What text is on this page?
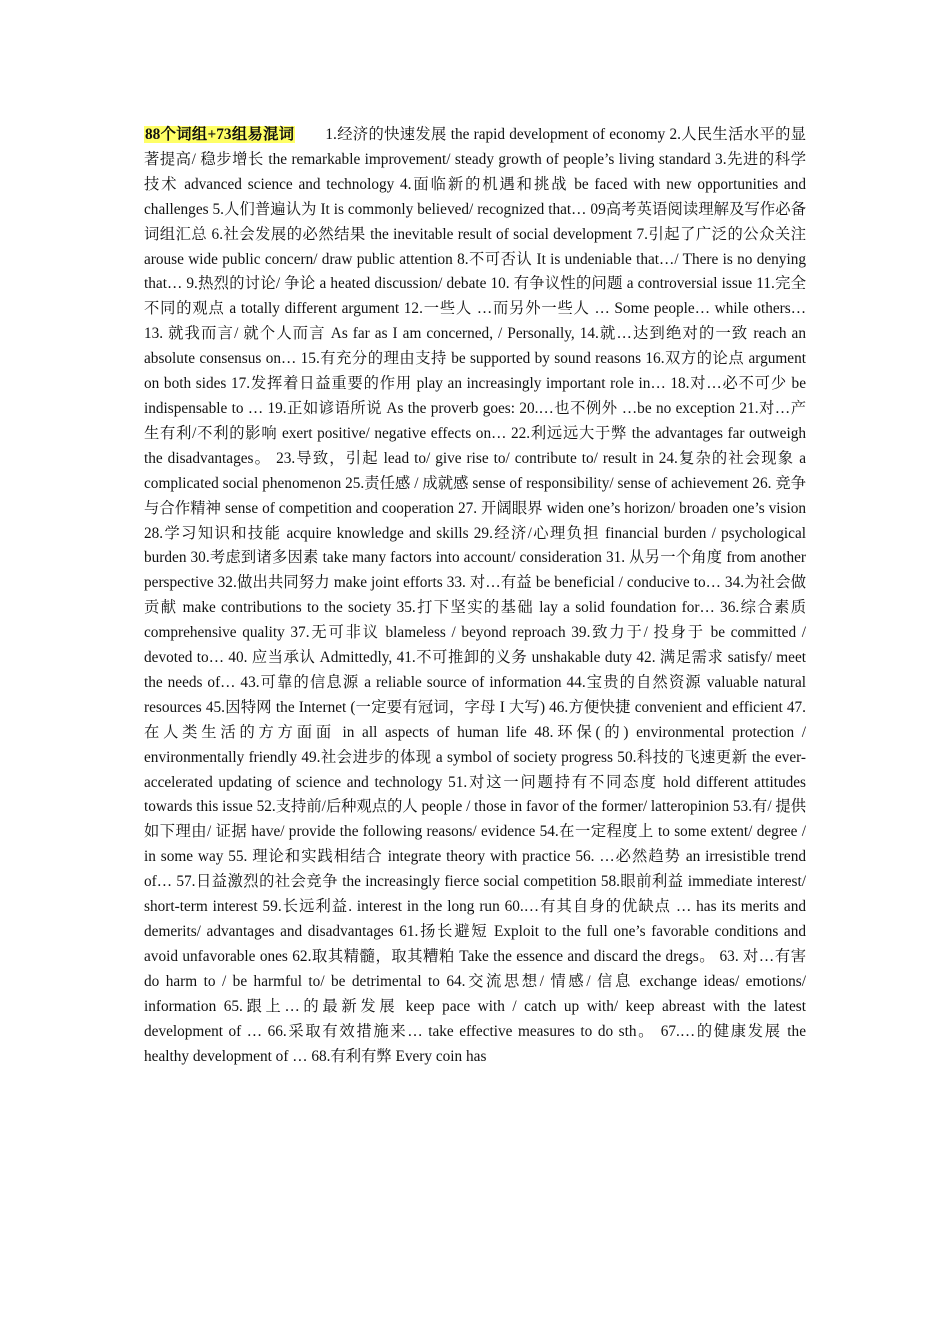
88个词组+73组易混词 1.经济的快速发展 the rapid development of economy 2.人民生活水平的显著提高/ 稳步增长 the remarkable improvement/ steady growth of people’s living standard 3.先进的科学技术 advanced science and technology 4.面临新的机遇和挑战 be faced with new opportunities and challenges 5.人们普遍认为 It is commonly believed/ recognized that… 09高考英语阅读理解及写作必备词组汇总 6.社会发展的必然结果 the inevitable result of social development 7.引起了广泛的公众关注 arouse wide public concern/ draw public attention 8.不可否认 It is undeniable that…/ There is no denying that… 9.热烈的讨论/ 争论 a heated discussion/ debate 10. 有争议性的问题 a controversial issue 11.完全不同的观点 a totally different argument 12.一些人 …而另外一些人 … Some people… while others… 13. 就我而言/ 就个人而言 As far as I am concerned, / Personally, 14.就…达到绝对的一致 reach an absolute consensus on… 15.有充分的理由支持 be supported by sound reasons 16.双方的论点 argument on both sides 17.发挥着日益重要的作用 play an increasingly important role in… 18.对…必不可少 be indispensable to … 19.正如谚语所说 As the proverb goes: 20.…也不例外 …be no exception 21.对…产生有利/不利的影响 exert positive/ negative effects on… 22.利远远大于弊 the advantages far outweigh the disadvantages。 23.导致，引起 lead to/ give rise to/ contribute to/ result in 24.复杂的社会现象 a complicated social phenomenon 25.责任感 / 成就感 sense of responsibility/ sense of achievement 26. 竞争与合作精神 sense of competition and cooperation 27. 开阔眼界 widen one’s horizon/ broaden one’s vision 28.学习知识和技能 acquire knowledge and skills 29.经济/心理负担 financial burden / psychological burden 30.考虑到诸多因素 take many factors into account/ consideration 31. 从另一个角度 from another perspective 32.做出共同努力 make joint efforts 33. 对…有益 be beneficial / conducive to… 34.为社会做贡献 make contributions to the society 35.打下坚实的基础 lay a solid foundation for… 36.综合素质 comprehensive quality 37.无可非议 blameless / beyond reproach 39.致力于/ 投身于 be committed / devoted to… 40. 应当承认 Admittedly, 41.不可推卸的义务 unshakable duty 42. 满足需求 satisfy/ meet the needs of… 43.可靠的信息源 a reliable source of information 44.宝贵的自然资源 valuable natural resources 45.因特网 the Internet (一定要有冠词，字母 I 大写) 46.方便快捷 convenient and efficient 47.在人类生活的方方面面 in all aspects of human life 48.环保(的) environmental protection / environmentally friendly 49.社会进步的体现 a symbol of society progress 50.科技的飞速更新 the ever-accelerated updating of science and technology 51.对这一问题持有不同态度 hold different attitudes towards this issue 52.支持前/后种观点的人 people / those in favor of the former/ latteropinion 53.有/ 提供如下理由/ 证据 have/ provide the following reasons/ evidence 54.在一定程度上 to some extent/ degree / in some way 55. 理论和实践相结合 integrate theory with practice 56. …必然趋势 an irresistible trend of… 57.日益激烈的社会竞争 the increasingly fierce social competition 58.眼前利益 immediate interest/ short-term interest 59.长远利益. interest in the long run 60.…有其自身的优缺点 … has its merits and demerits/ advantages and disadvantages 61.扬长避短 Exploit to the full one’s favorable conditions and avoid unfavorable ones 62.取其精髓，取其糟粕 Take the essence and discard the dregs。 63. 对…有害 do harm to / be harmful to/ be detrimental to 64.交流思想/ 情感/ 信息 exchange ideas/ emotions/ information 65.跟上…的最新发展 keep pace with / catch up with/ keep abreast with the latest development of … 66.采取有效措施来… take effective measures to do sth。 67.…的健康发展 the healthy development of … 68.有利有弊 Every coin has
